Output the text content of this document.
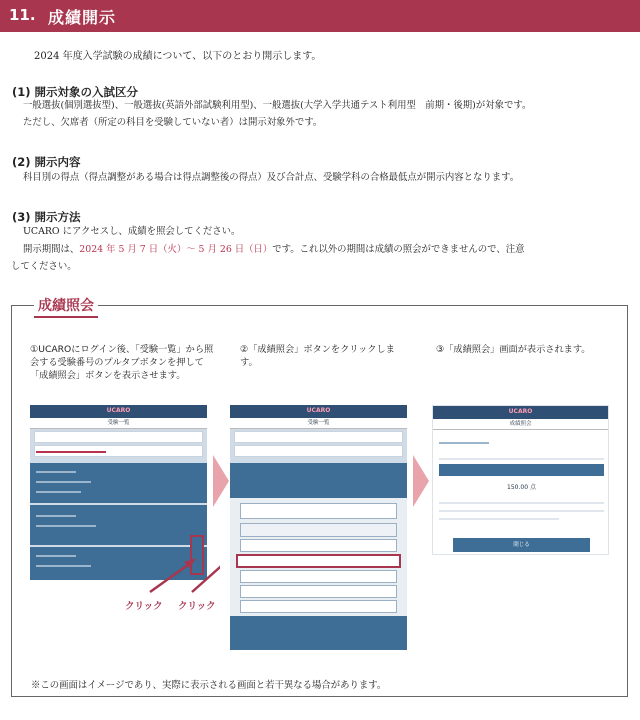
11. 成績開示
2024 年度入学試験の成績について、以下のとおり開示します。
(1) 開示対象の入試区分
一般選抜(個別選抜型)、一般選抜(英語外部試験利用型)、一般選抜(大学入学共通テスト利用型　前期・後期)が対象です。
ただし、欠席者（所定の科目を受験していない者）は開示対象外です。
(2) 開示内容
科目別の得点（得点調整がある場合は得点調整後の得点）及び合計点、受験学科の合格最低点が開示内容となります。
(3) 開示方法
UCARO にアクセスし、成績を照会してください。
開示期間は、2024 年 5 月 7 日（火）～ 5 月 26 日（日）です。これ以外の期間は成績の照会ができませんので、注意
してください。
成績照会
①UCAROにログイン後、「受験一覧」から照会する受験番号のプルタブボタンを押して「成績照会」ボタンを表示させます。
②「成績照会」ボタンをクリックします。
③「成績照会」画面が表示されます。
UCARO
受験一覧
UCARO
受験一覧
UCARO
成績照会
150.00 点
閉じる
クリック クリック
※この画面はイメージであり、実際に表示される画面と若干異なる場合があります。
